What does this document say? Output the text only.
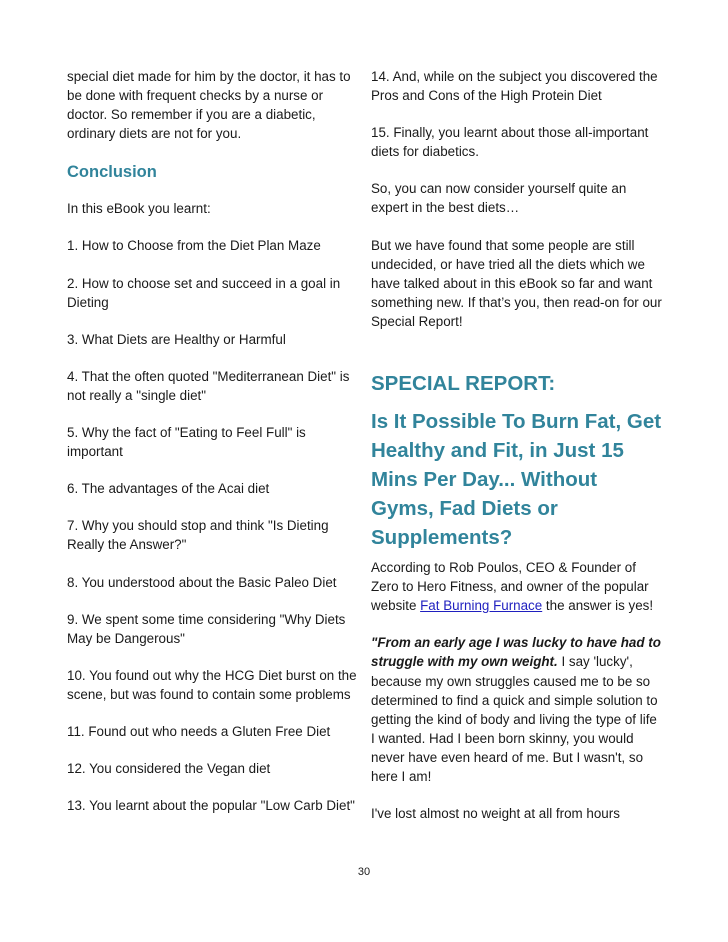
special diet made for him by the doctor, it has to be done with frequent checks by a nurse or doctor. So remember if you are a diabetic, ordinary diets are not for you.

Conclusion

In this eBook you learnt:

1. How to Choose from the Diet Plan Maze

2. How to choose set and succeed in a goal in Dieting

3. What Diets are Healthy or Harmful

4. That the often quoted "Mediterranean Diet" is not really a "single diet"

5. Why the fact of "Eating to Feel Full" is important

6. The advantages of the Acai diet

7. Why you should stop and think "Is Dieting Really the Answer?"

8. You understood about the Basic Paleo Diet

9. We spent some time considering "Why Diets May be Dangerous"

10. You found out why the HCG Diet burst on the scene, but was found to contain some problems

11. Found out who needs a Gluten Free Diet

12. You considered the Vegan diet

13. You learnt about the popular "Low Carb Diet"

14. And, while on the subject you discovered the Pros and Cons of the High Protein Diet

15. Finally, you learnt about those all-important diets for diabetics.

So, you can now consider yourself quite an expert in the best diets…

But we have found that some people are still undecided, or have tried all the diets which we have talked about in this eBook so far and want something new. If that’s you, then read-on for our Special Report!

SPECIAL REPORT:

Is It Possible To Burn Fat, Get Healthy and Fit, in Just 15 Mins Per Day... Without Gyms, Fad Diets or Supplements?

According to Rob Poulos, CEO & Founder of Zero to Hero Fitness, and owner of the popular website Fat Burning Furnace the answer is yes!

"From an early age I was lucky to have had to struggle with my own weight. I say 'lucky', because my own struggles caused me to be so determined to find a quick and simple solution to getting the kind of body and living the type of life I wanted. Had I been born skinny, you would never have even heard of me. But I wasn't, so here I am!

I've lost almost no weight at all from hours

30
